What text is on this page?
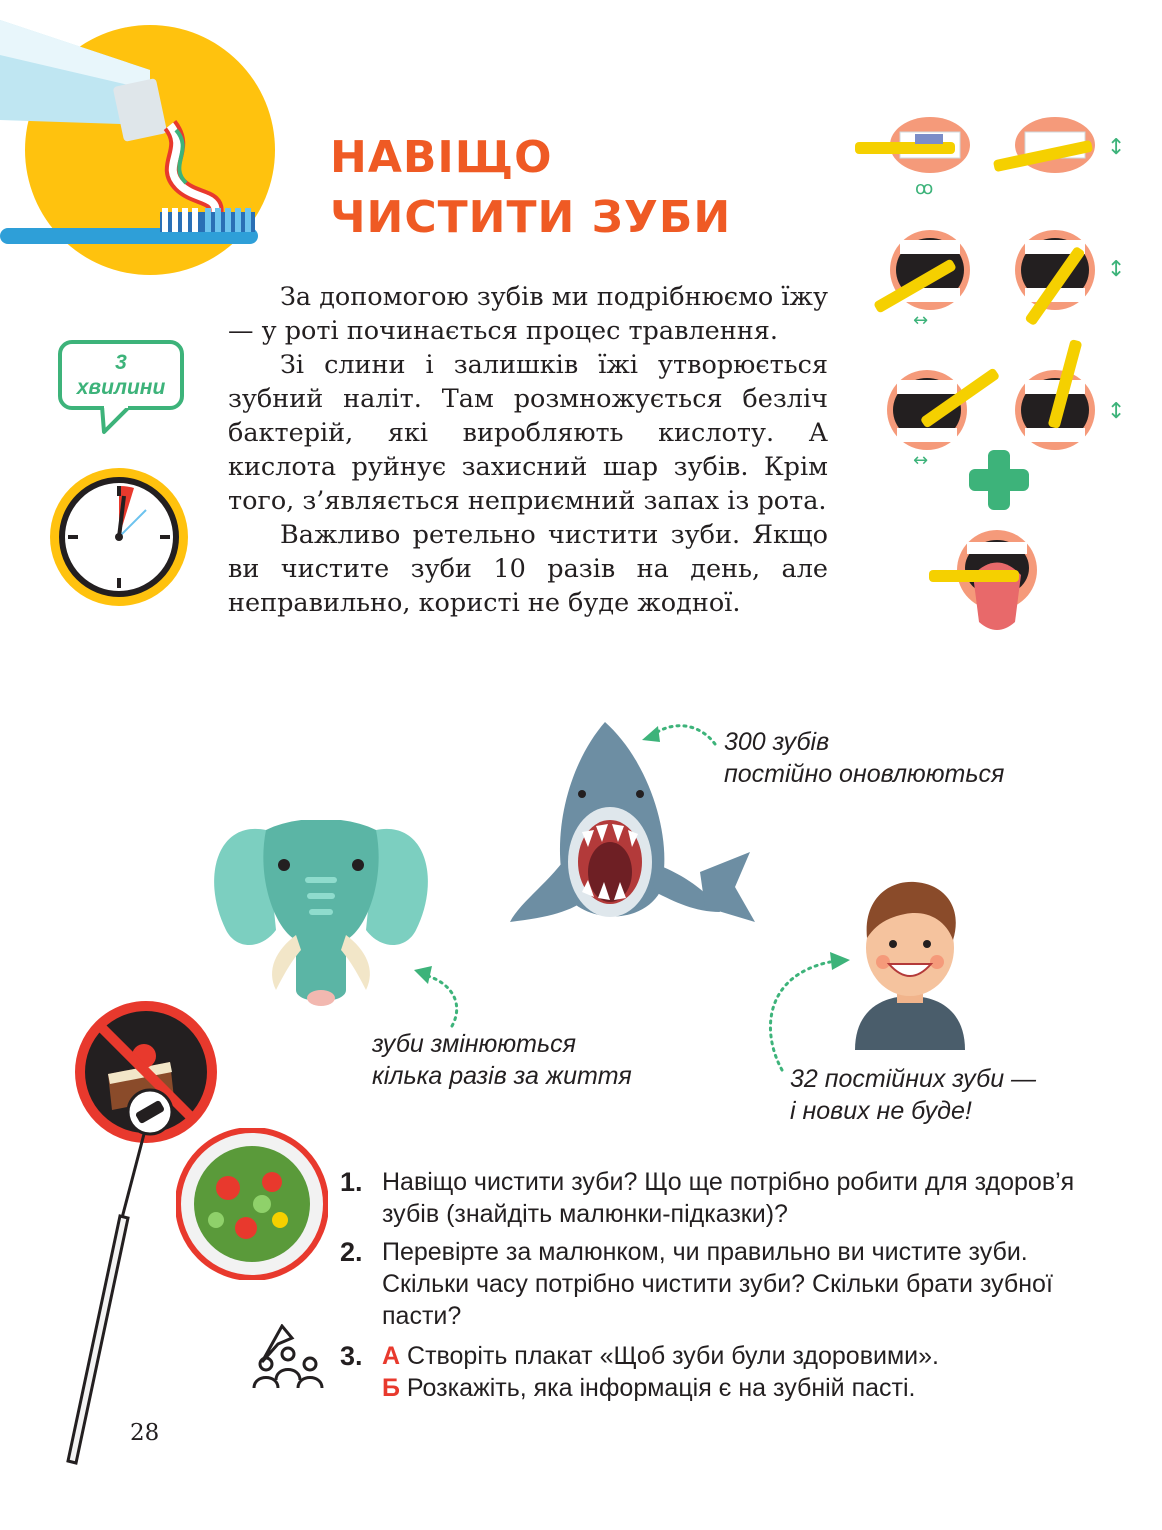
НАВІЩО
ЧИСТИТИ ЗУБИ
3
хвилини

За допомогою зубів ми подрібнюємо їжу — у роті починається процес травлення.

Зі слини і залишків їжі утворюється зубний наліт. Там розмножується безліч бактерій, які виробляють кислоту. А кислота руйнує захисний шар зубів. Крім того, з’являється неприємний запах із рота.

Важливо ретельно чистити зуби. Якщо ви чистите зуби 10 разів на день, але неправильно, користі не буде жодної.

ꝏ
↕
↔
↕
↔
↕
300 зубів
постійно оновлюються
зуби змінюються
кілька разів за життя	32 постійних зуби —
і нових не буде!
1. Навіщо чистити зуби? Що ще потрібно робити для здоров’я зубів (знайдіть малюнки-підказки)?
2. Перевірте за малюнком, чи правильно ви чистите зуби. Скільки часу потрібно чистити зуби? Скільки брати зубної пасти?
3. А Створіть плакат «Щоб зуби були здоровими».
Б Розкажіть, яка інформація є на зубній пасті.
28
